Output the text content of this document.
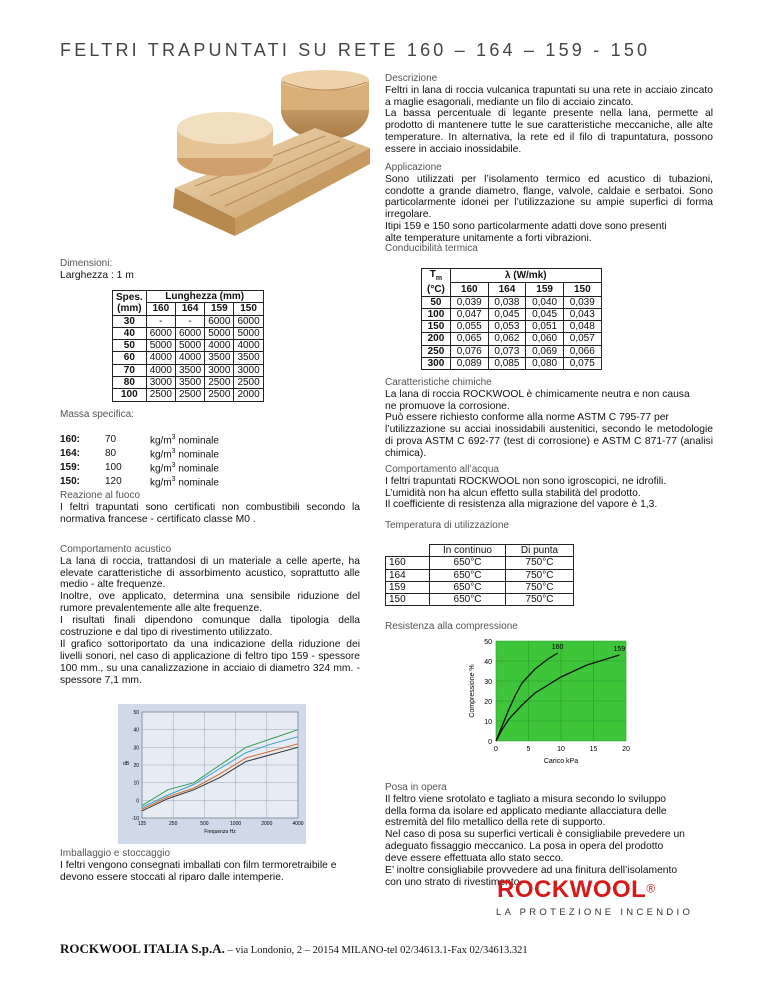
FELTRI TRAPUNTATI SU RETE 160 – 164 – 159 - 150
Descrizione

Feltri in lana di roccia vulcanica trapuntati su una rete in acciaio zincato a maglie esagonali, mediante un filo di acciaio zincato.
La bassa percentuale di legante presente nella lana, permette al prodotto di mantenere tutte le sue caratteristiche meccaniche, alle alte temperature. In alternativa, la rete ed il filo di trapuntatura, possono essere in acciaio inossidabile.

Applicazione

Sono utilizzati per l’isolamento termico ed acustico di tubazioni, condotte a grande diametro, flange, valvole, caldaie e serbatoi. Sono particolarmente idonei per l’utilizzazione su ampie superfici di forma irregolare.

Itipi 159 e 150 sono particolarmente adatti dove sono presenti

alte temperature unitamente a forti vibrazioni.

Conducibilità termica
Dimensioni:
Larghezza : 1 m
Spes.
(mm)	Lunghezza (mm)			
	160	164	159	150
30	-	-	6000	6000
40	6000	6000	5000	5000
50	5000	5000	4000	4000
60	4000	4000	3500	3500
70	4000	3500	3000	3000
80	3000	3500	2500	2500
100	2500	2500	2500	2000
$T_m$
(°C)	λ (W/mk)			
	160	164	159	150
50	0,039	0,038	0,040	0,039
100	0,047	0,045	0,045	0,043
150	0,055	0,053	0,051	0,048
200	0,065	0,062	0,060	0,057
250	0,076	0,073	0,069	0,066
300	0,089	0,085	0,080	0,075
Caratteristiche chimiche

La lana di roccia ROCKWOOL è chimicamente neutra e non causa

ne promuove la corrosione.

Può essere richiesto conforme alla norme ASTM C 795-77 per

l’utilizzazione su acciai inossidabili austenitici, secondo le metodologie di prova ASTM C 692-77 (test di corrosione) e ASTM C 871-77 (analisi chimica).

Massa specifica:
160:	70	$kg/m^3$ nominale
164:	80	$kg/m^3$ nominale
159:	100	$kg/m^3$ nominale
150:	120	$kg/m^3$ nominale
Comportamento all’acqua

I feltri trapuntati ROCKWOOL non sono igroscopici, ne idrofili.
L’umidità non ha alcun effetto sulla stabilità del prodotto.
Il coefficiente di resistenza alla migrazione del vapore è 1,3.

Reazione al fuoco

I feltri trapuntati sono certificati non combustibili secondo la normativa francese - certificato classe M0 .

Temperatura di utilizzazione
	In continuo	Di punta
160	650°C	750°C
164	650°C	750°C
159	650°C	750°C
150	650°C	750°C
Comportamento acustico

La lana di roccia, trattandosi di un materiale a celle aperte, ha elevate caratteristiche di assorbimento acustico, soprattutto alle medio - alte frequenze.
Inoltre, ove applicato, determina una sensibile riduzione del rumore prevalentemente alle alte frequenze.
I risultati finali dipendono comunque dalla tipologia della costruzione e dal tipo di rivestimento utilizzato.
Il grafico sottoriportato da una indicazione della riduzione dei livelli sonori, nel caso di applicazione di feltro tipo 159 - spessore 100 mm., su una canalizzazione in acciaio di diametro 324 mm. - spessore 7,1 mm.

Resistenza alla compressione
0
10
20
30
40
50
0	5	10	15	20
160	159
Carico kPa
Compressione %
-10
0
10
20
30
40
50
125	250	500	1000	2000	4000
Frequenza Hz
dB
Posa in opera

Il feltro viene srotolato e tagliato a misura secondo lo sviluppo della forma da isolare ed applicato mediante allacciatura delle estremità del filo metallico della rete di supporto.
Nel caso di posa su superfici verticali è consigliabile prevedere un adeguato fissaggio meccanico. La posa in opera del prodotto deve essere effettuata allo stato secco.
E’ inoltre consigliabile provvedere ad una finitura dell’isolamento con uno strato di rivestimento.

Imballaggio e stoccaggio

I feltri vengono consegnati imballati con film termoretraibile e devono essere stoccati al riparo dalle intemperie.	ROCKWOOL®
LA PROTEZIONE INCENDIO
ROCKWOOL ITALIA S.p.A. – via Londonio, 2 – 20154 MILANO-tel 02/34613.1-Fax 02/34613.321
